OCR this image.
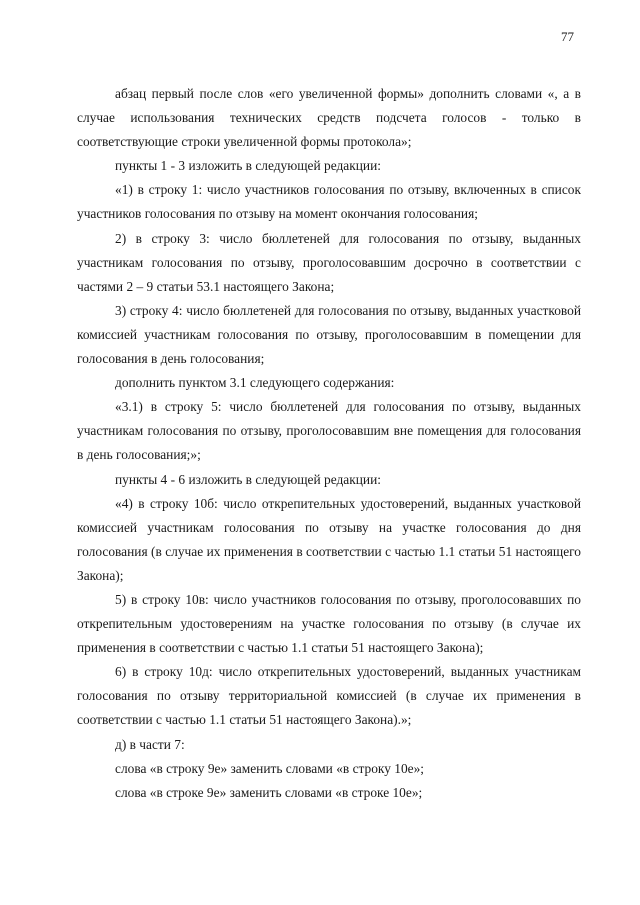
77

абзац первый после слов «его увеличенной формы» дополнить словами «, а в случае использования технических средств подсчета голосов - только в соответствующие строки увеличенной формы протокола»;

пункты 1 - 3 изложить в следующей редакции:

«1) в строку 1: число участников голосования по отзыву, включенных в список участников голосования по отзыву на момент окончания голосования;

2) в строку 3: число бюллетеней для голосования по отзыву, выданных участникам голосования по отзыву, проголосовавшим досрочно в соответствии с частями 2 – 9 статьи 53.1 настоящего Закона;

3) строку 4: число бюллетеней для голосования по отзыву, выданных участковой комиссией участникам голосования по отзыву, проголосовавшим в помещении для голосования в день голосования;

дополнить пунктом 3.1 следующего содержания:

«3.1) в строку 5: число бюллетеней для голосования по отзыву, выданных участникам голосования по отзыву, проголосовавшим вне помещения для голосования в день голосования;»;

пункты 4 - 6 изложить в следующей редакции:

«4) в строку 10б: число открепительных удостоверений, выданных участковой комиссией участникам голосования по отзыву на участке голосования до дня голосования (в случае их применения в соответствии с частью 1.1 статьи 51 настоящего Закона);

5) в строку 10в: число участников голосования по отзыву, проголосовавших по открепительным удостоверениям на участке голосования по отзыву (в случае их применения в соответствии с частью 1.1 статьи 51 настоящего Закона);

6) в строку 10д: число открепительных удостоверений, выданных участникам голосования по отзыву территориальной комиссией (в случае их применения в соответствии с частью 1.1 статьи 51 настоящего Закона).»;

д) в части 7:

слова «в строку 9е» заменить словами «в строку 10е»;

слова «в строке 9е» заменить словами «в строке 10е»;
